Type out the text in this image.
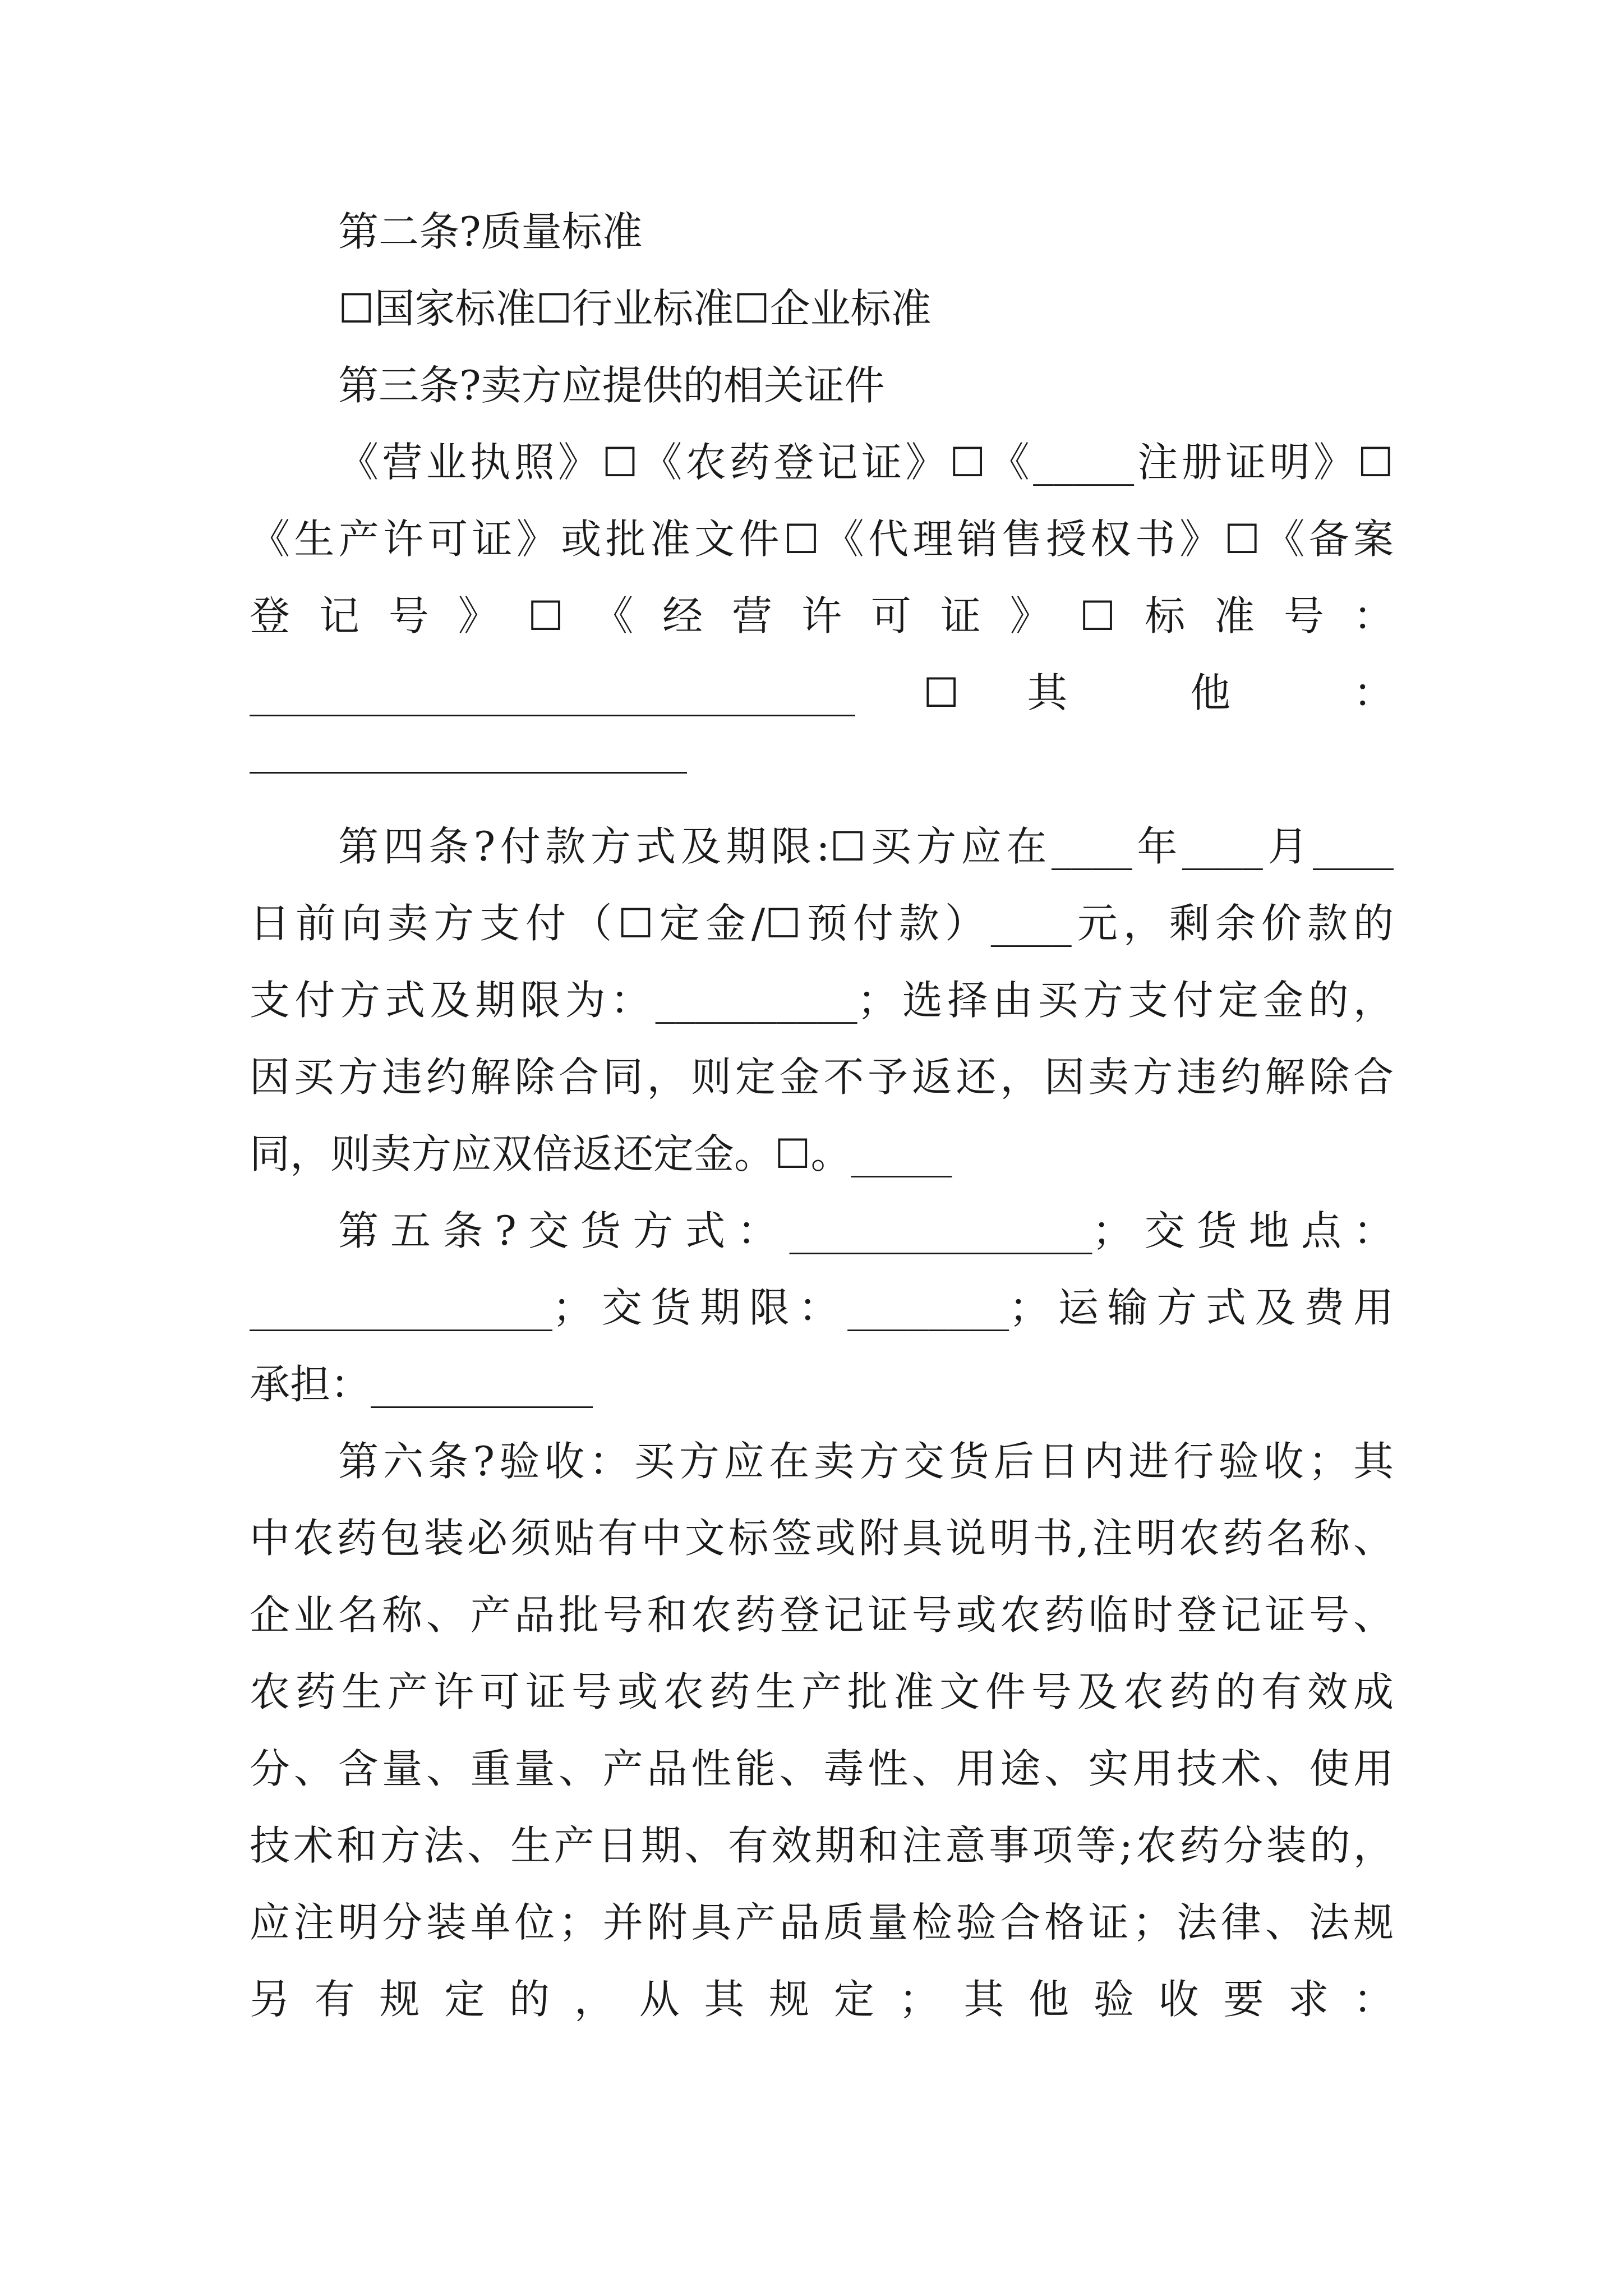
第二条?质量标准
☐国家标准☐行业标准☐企业标准
第三条?卖方应提供的相关证件
《营业执照》☐《农药登记证》☐《_____注册证明》☐
《生产许可证》或批准文件☐《代理销售授权书》☐《备案
登记号》☐《经营许可证》☐标准号：
______________________________ ☐ 其 他 ：
第四条?付款方式及期限:☐买方应在____年____月____
日前向卖方支付（☐定金/☐预付款）____元，剩余价款的
支付方式及期限为：__________；选择由买方支付定金的，
因买方违约解除合同，则定金不予返还，因卖方违约解除合
同，则卖方应双倍返还定金。☐。_____
第五条?交货方式：_______________；交货地点：
_______________；交货期限：________；运输方式及费用
承担：___________
第六条?验收：买方应在卖方交货后日内进行验收；其
中农药包装必须贴有中文标签或附具说明书,注明农药名称、
企业名称、产品批号和农药登记证号或农药临时登记证号、
农药生产许可证号或农药生产批准文件号及农药的有效成
分、含量、重量、产品性能、毒性、用途、实用技术、使用
技术和方法、生产日期、有效期和注意事项等;农药分装的，
应注明分装单位；并附具产品质量检验合格证；法律、法规
另有规定的，从其规定；其他验收要求：
